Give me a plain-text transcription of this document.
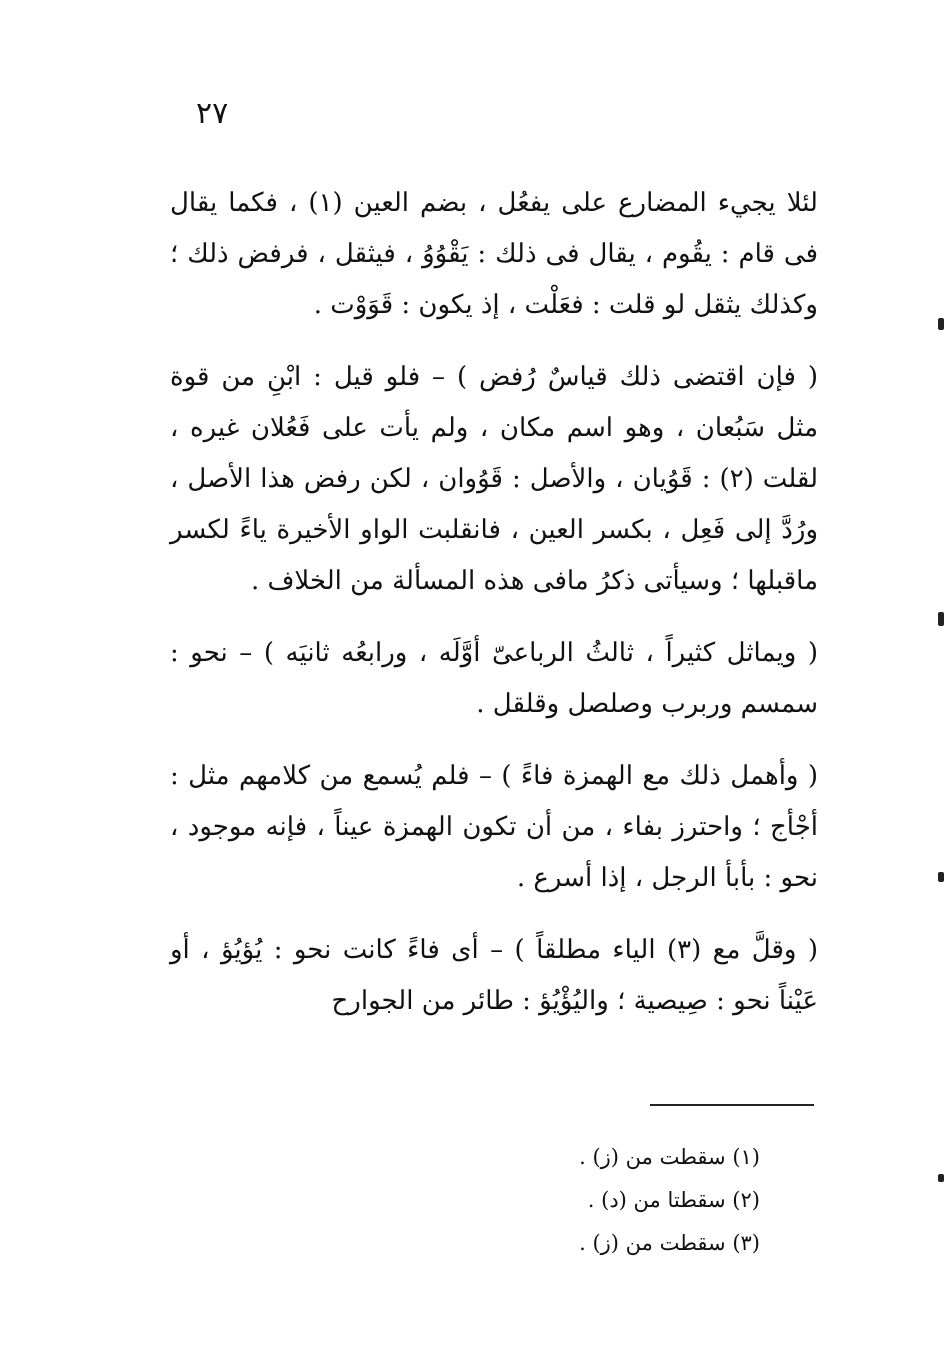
٢٧

لئلا يجيء المضارع على يفعُل ، بضم العين (١) ، فكما يقال فى قام : يقُوم ، يقال فى ذلك : يَقْوُوُ ، فيثقل ، فرفض ذلك ؛ وكذلك يثقل لو قلت : فعَلْت ، إذ يكون : قَوَوْت .

( فإن اقتضى ذلك قياسٌ رُفض ) – فلو قيل : ابْنِ من قوة مثل سَبُعان ، وهو اسم مكان ، ولم يأت على فَعُلان غيره ، لقلت (٢) : قَوُيان ، والأصل : قَوُوان ، لكن رفض هذا الأصل ، ورُدَّ إلى فَعِل ، بكسر العين ، فانقلبت الواو الأخيرة ياءً لكسر ماقبلها ؛ وسيأتى ذكرُ مافى هذه المسألة من الخلاف .

( ويماثل كثيراً ، ثالثُ الرباعىّ أوَّلَه ، ورابعُه ثانيَه ) – نحو : سمسم وربرب وصلصل وقلقل .

( وأهمل ذلك مع الهمزة فاءً ) – فلم يُسمع من كلامهم مثل : أجْأج ؛ واحترز بفاء ، من أن تكون الهمزة عيناً ، فإنه موجود ، نحو : بأبأ الرجل ، إذا أسرع .

( وقلَّ مع (٣) الياء مطلقاً ) – أى فاءً كانت نحو : يُؤيُؤ ، أو عَيْناً نحو : صِيصية ؛ واليُؤْيُؤ : طائر من الجوارح

(١) سقطت من (ز) .
(٢) سقطتا من (د) .
(٣) سقطت من (ز) .
